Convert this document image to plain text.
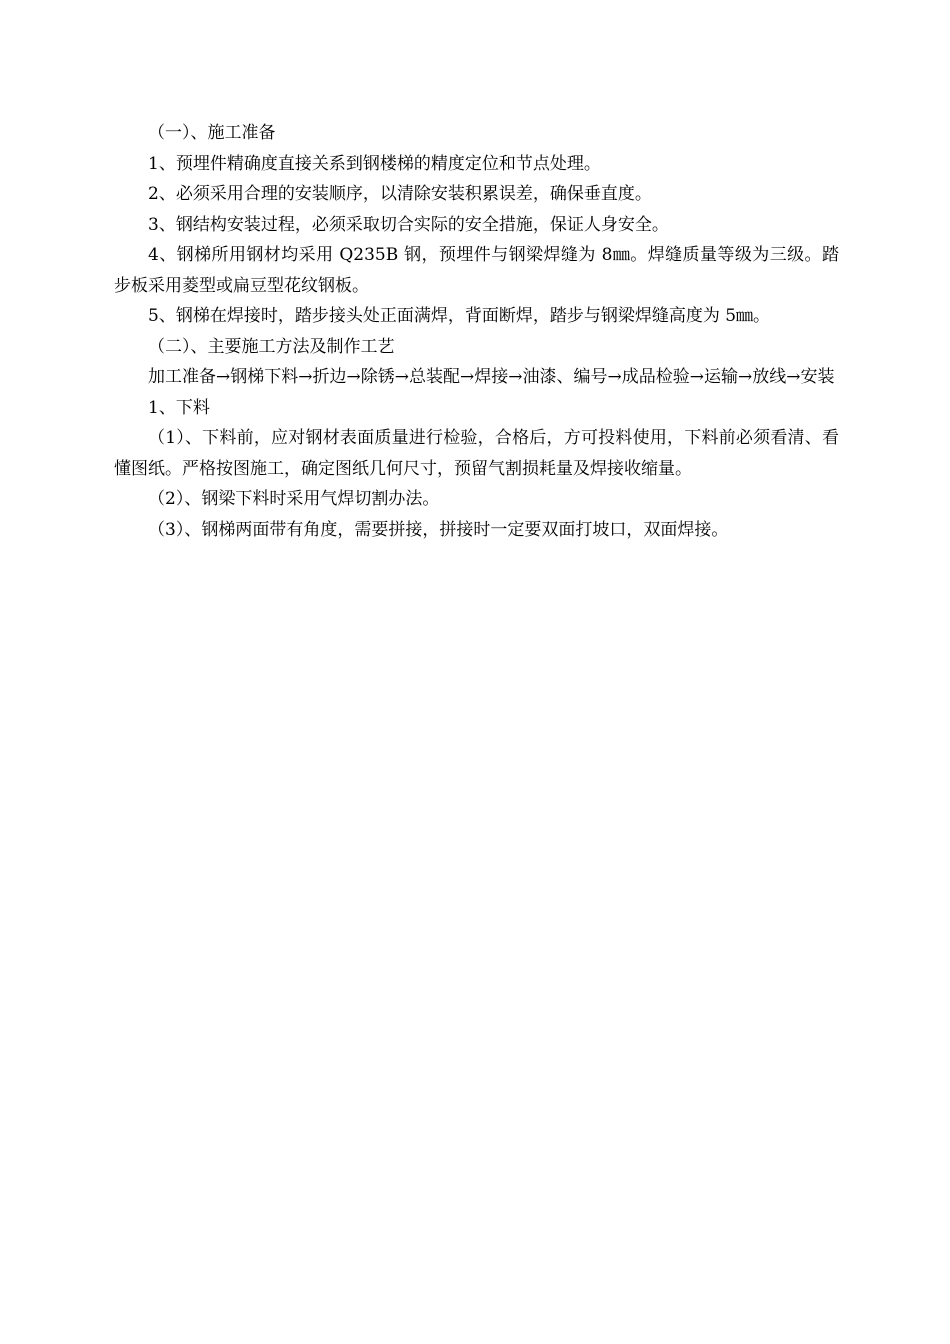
（一）、施工准备

1、预埋件精确度直接关系到钢楼梯的精度定位和节点处理。

2、必须采用合理的安装顺序，以清除安装积累误差，确保垂直度。

3、钢结构安装过程，必须采取切合实际的安全措施，保证人身安全。

4、钢梯所用钢材均采用 Q235B 钢，预埋件与钢梁焊缝为 8㎜。焊缝质量等级为三级。踏步板采用菱型或扁豆型花纹钢板。

5、钢梯在焊接时，踏步接头处正面满焊，背面断焊，踏步与钢梁焊缝高度为 5㎜。

（二）、主要施工方法及制作工艺

加工准备→钢梯下料→折边→除锈→总装配→焊接→油漆、编号→成品检验→运输→放线→安装

1、下料

（1）、下料前，应对钢材表面质量进行检验，合格后，方可投料使用，下料前必须看清、看懂图纸。严格按图施工，确定图纸几何尺寸，预留气割损耗量及焊接收缩量。

（2）、钢梁下料时采用气焊切割办法。

（3）、钢梯两面带有角度，需要拼接，拼接时一定要双面打坡口，双面焊接。
